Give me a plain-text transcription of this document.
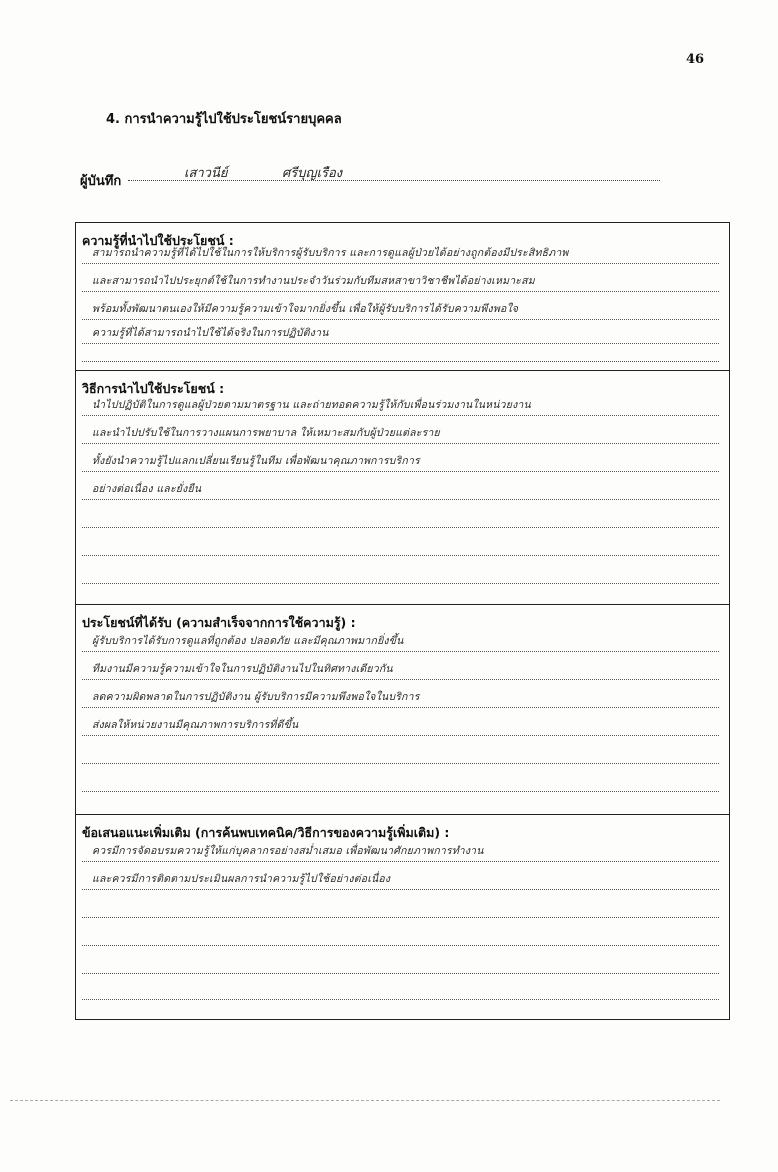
46
4. การนำความรู้ไปใช้ประโยชน์รายบุคคล
ผู้บันทึก
เสาวนีย์	ศรีบุญเรือง
ความรู้ที่นำไปใช้ประโยชน์ :
สามารถนำความรู้ที่ได้ไปใช้ในการให้บริการผู้รับบริการ และการดูแลผู้ป่วยได้อย่างถูกต้องมีประสิทธิภาพ
และสามารถนำไปประยุกต์ใช้ในการทำงานประจำวันร่วมกับทีมสหสาขาวิชาชีพได้อย่างเหมาะสม
พร้อมทั้งพัฒนาตนเองให้มีความรู้ความเข้าใจมากยิ่งขึ้น เพื่อให้ผู้รับบริการได้รับความพึงพอใจ
ความรู้ที่ได้สามารถนำไปใช้ได้จริงในการปฏิบัติงาน
วิธีการนำไปใช้ประโยชน์ :
นำไปปฏิบัติในการดูแลผู้ป่วยตามมาตรฐาน และถ่ายทอดความรู้ให้กับเพื่อนร่วมงานในหน่วยงาน
และนำไปปรับใช้ในการวางแผนการพยาบาล ให้เหมาะสมกับผู้ป่วยแต่ละราย
ทั้งยังนำความรู้ไปแลกเปลี่ยนเรียนรู้ในทีม เพื่อพัฒนาคุณภาพการบริการ
อย่างต่อเนื่อง และยั่งยืน
ประโยชน์ที่ได้รับ (ความสำเร็จจากการใช้ความรู้) :
ผู้รับบริการได้รับการดูแลที่ถูกต้อง ปลอดภัย และมีคุณภาพมากยิ่งขึ้น
ทีมงานมีความรู้ความเข้าใจในการปฏิบัติงานไปในทิศทางเดียวกัน
ลดความผิดพลาดในการปฏิบัติงาน ผู้รับบริการมีความพึงพอใจในบริการ
ส่งผลให้หน่วยงานมีคุณภาพการบริการที่ดีขึ้น
ข้อเสนอแนะเพิ่มเติม (การค้นพบเทคนิค/วิธีการของความรู้เพิ่มเติม) :
ควรมีการจัดอบรมความรู้ให้แก่บุคลากรอย่างสม่ำเสมอ เพื่อพัฒนาศักยภาพการทำงาน
และควรมีการติดตามประเมินผลการนำความรู้ไปใช้อย่างต่อเนื่อง
